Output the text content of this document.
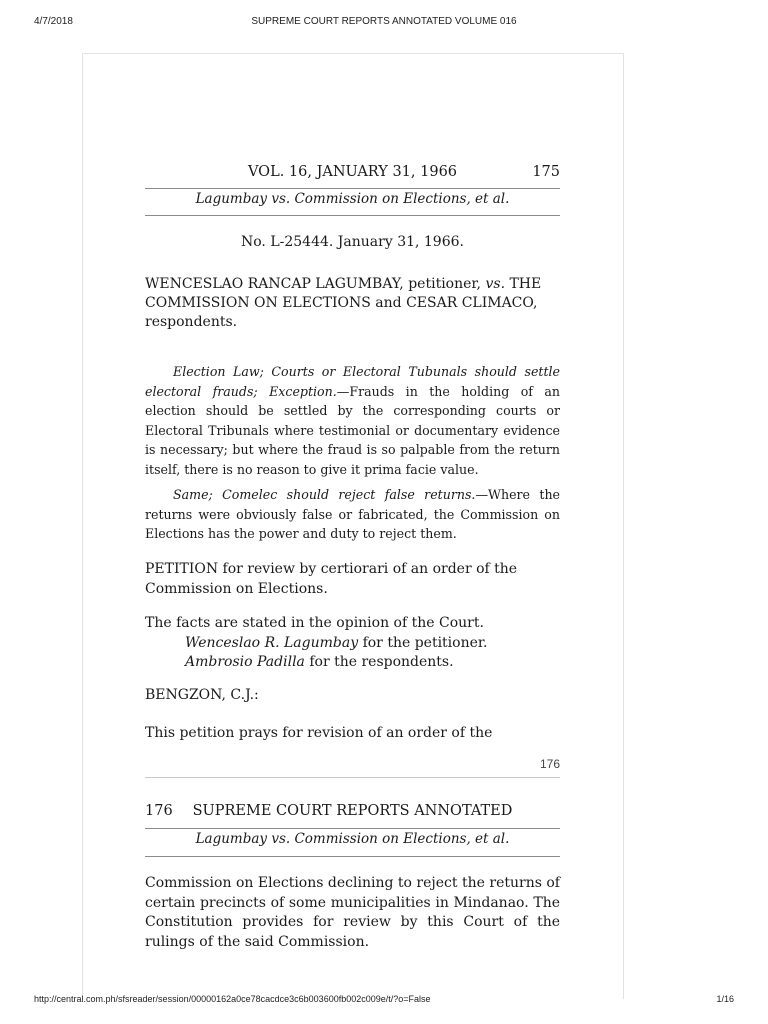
4/7/2018	SUPREME COURT REPORTS ANNOTATED VOLUME 016
VOL. 16, JANUARY 31, 1966	175
Lagumbay vs. Commission on Elections, et al.
No. L-25444. January 31, 1966.
WENCESLAO RANCAP LAGUMBAY, petitioner, vs. THE COMMISSION ON ELECTIONS and CESAR CLIMACO, respondents.

Election Law; Courts or Electoral Tubunals should settle electoral frauds; Exception.—Frauds in the holding of an election should be settled by the corresponding courts or Electoral Tribunals where testimonial or documentary evidence is necessary; but where the fraud is so palpable from the return itself, there is no reason to give it prima facie value.

Same; Comelec should reject false returns.—Where the returns were obviously false or fabricated, the Commission on Elections has the power and duty to reject them.

PETITION for review by certiorari of an order of the Commission on Elections.

The facts are stated in the opinion of the Court.

Wenceslao R. Lagumbay for the petitioner.

Ambrosio Padilla for the respondents.

BENGZON, C.J.:

This petition prays for revision of an order of the

176
176	SUPREME COURT REPORTS ANNOTATED
Lagumbay vs. Commission on Elections, et al.

Commission on Elections declining to reject the returns of certain precincts of some municipalities in Mindanao. The Constitution provides for review by this Court of the rulings of the said Commission.

http://central.com.ph/sfsreader/session/00000162a0ce78cacdce3c6b003600fb002c009e/t/?o=False	1/16
